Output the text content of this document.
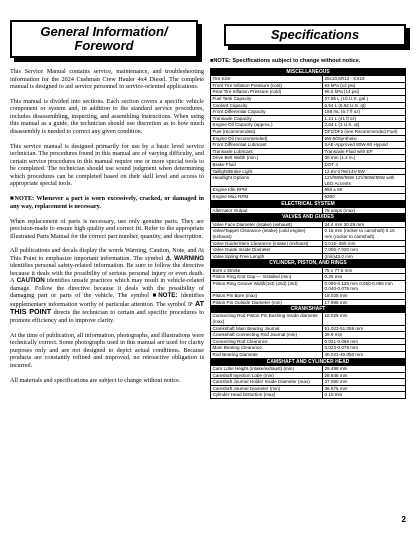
General Information/
Foreword
Specifications

This Service Manual contains service, maintenance, and troubleshooting information for the 2024 Cushman Crew Hauler 4x4 Diesel. The complete manual is designed to aid service personnel in service-oriented applications.

This manual is divided into sections. Each section covers a specific vehicle component or system and, in addition to the standard service procedures, includes disassembling, inspecting, and assembling instructions. When using this manual as a guide, the technician should use discretion as to how much disassembly is needed to correct any given condition.

This service manual is designed primarily for use by a basic level service technician. The procedures found in this manual are of varying difficulty, and certain service procedures in this manual require one or more special tools to be completed. The technician should use sound judgment when determining which procedures can be completed based on their skill level and access to appropriate special tools.

■NOTE: Whenever a part is worn excessively, cracked, or damaged in any way, replacement is necessary.

When replacement of parts is necessary, use only genuine parts. They are precision-made to ensure high quality and correct fit. Refer to the appropriate Illustrated Parts Manual for the correct part number, quantity, and description.

All publications and decals display the words Warning, Caution, Note, and At This Point to emphasize important information. The symbol ⚠ WARNING identifies personal safety-related information. Be sure to follow the directive because it deals with the possibility of serious personal injury or even death. A CAUTION identifies unsafe practices which may result in vehicle-related damage. Follow the directive because it deals with the possibility of damaging part or parts of the vehicle. The symbol ■NOTE: identifies supplementary information worthy of particular attention. The symbol ☞ AT THIS POINT directs the technician to certain and specific procedures to promote efficiency and to improve clarity.

At the time of publication, all information, photographs, and illustrations were technically correct. Some photographs used in this manual are used for clarity purposes only and are not designed to depict actual conditions. Because products are constantly refined and improved, no retroactive obligation is incurred.

All materials and specifications are subject to change without notice.

■NOTE: Specifications subject to change without notice.
MISCELLANEOUS	
Tire Size	25x10.5R12 - KS19
Front Tire Inflation Pressure (cold)	83 kPa (12 psi)
Rear Tire Inflation Pressure (cold)	96.5 kPa (14 psi)
Fuel Tank Capacity	37.85 L (10 U.S. gal.)
Coolant Capacity	6.54 L (6.92 U.S. qt)
Front Differential Capacity	198 mL (6.7 fl oz)
Transaxle Capacity	1.21 L (41 fl oz)
Engine Oil Capacity (approx.)	2.84 L (3 U.S. qt)
Fuel (recommended)	DF1/DF2 (see Recommended Fuel)
Engine Oil (recommended)	5W-50Synthetic
Front Differential Lubricant	SAE-Approved 80W-90 Hypoid
Transaxle Lubricant	Transaxle Fluid with EP
Drive Belt Width (min.)	30 mm (1.2 in.)
Brake Fluid	DOT 4
Taillight/Brake Light	12.8V-27W/14V-8W
Headlight Options	12V/60W/55W 12V/60W/55W with LED Accents
Engine Idle RPM	950 ± 50
Engine Max RPM	6300
ELECTRICAL SYSTEM	
Alternator Output	75 amps (max)
VALVES AND GUIDES	
Valve Face Diameter (intake) (exhaust)	34.4 mm 30.29 mm
Valve/Tappet Clearance (intake) (cold engine) (exhaust)	0.15 mm (rocker to camshaft) 0.15 mm (rocker to camshaft)
Valve Guide/Stem Clearance (intake) (exhaust)	0.015-.060 mm
Valve Guide Inside Diameter	7.005-7.020 mm
Valve Spring Free Length	(min)43.0 mm
CYLINDER, PISTON, AND RINGS	
Bore x Stroke	75 x 77.6 mm
Piston Ring End Gap — Installed (min)	0.25 mm
Piston Ring Groove Width(1st) (2nd) (3rd)	0.090-0.125 mm 0.050-0.085 mm 0.040-0.075 mm
Piston Pin Bore (max)	18.025 mm
Piston Pin Outside Diameter (min)	17.996 mm
CRANKSHAFT	
Connecting Rod Piston Pin Bushing Inside diameter (max)	18.025 mm
Crankshaft Main Bearing Journal	51.023-51.059 mm
Crankshaft Connecting Rod Journal (min)	39.9 mm
Connecting Rod Clearance	0.021-0.066 mm
Main Bearing Clearance	0.023-0.078 mm
Rod Bearing Diameter	40.021-40.050 mm
CAMSHAFT AND CYLINDER HEAD	
Cam Lobe Height (intake/exhaust) (min)	29.498 mm
Camshaft Injection Lobe (min)	28.848 mm
Camshaft Journal Holder Inside Diameter (max)	37.060 mm
Camshaft Journal Diameter (min)	36.975 mm
Cylinder Head Distortion (max)	0.10 mm
2
